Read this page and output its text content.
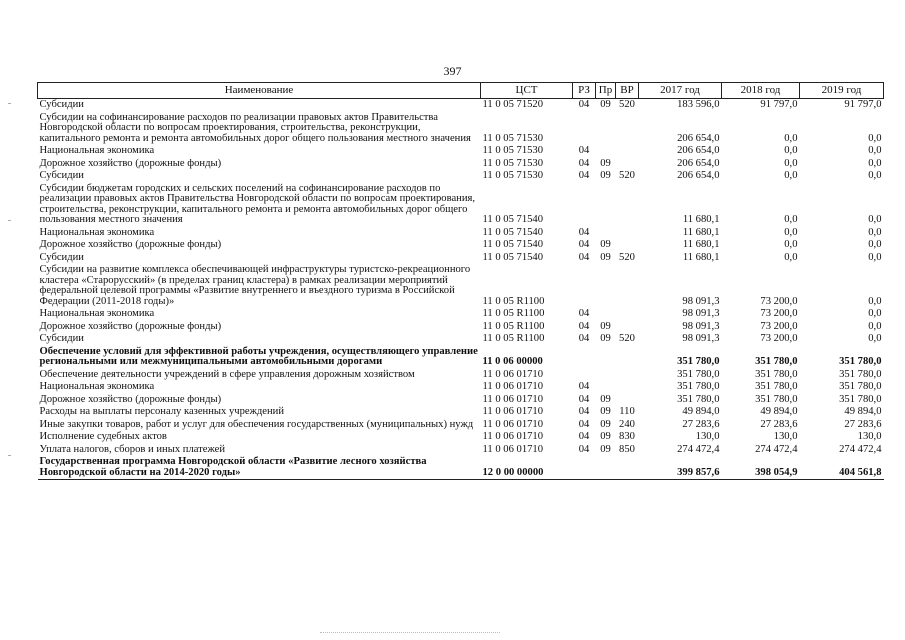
397
Наименование	ЦСТ	РЗ	Пр	ВР	2017 год	2018 год	2019 год
Субсидии	11 0 05 71520	04	09	520	183 596,0	91 797,0	91 797,0
Субсидии на софинансирование расходов по реализации правовых актов Правительства Новгородской области по вопросам проектирования, строительства, реконструкции, капитального ремонта и ремонта автомобильных дорог общего пользования местного значения	11 0 05 71530				206 654,0	0,0	0,0
Национальная экономика	11 0 05 71530	04			206 654,0	0,0	0,0
Дорожное хозяйство (дорожные фонды)	11 0 05 71530	04	09		206 654,0	0,0	0,0
Субсидии	11 0 05 71530	04	09	520	206 654,0	0,0	0,0
Субсидии бюджетам городских и сельских поселений на софинансирование расходов по реализации правовых актов Правительства Новгородской области по вопросам проектирования, строительства, реконструкции, капитального ремонта и ремонта автомобильных дорог общего пользования местного значения	11 0 05 71540				11 680,1	0,0	0,0
Национальная экономика	11 0 05 71540	04			11 680,1	0,0	0,0
Дорожное хозяйство (дорожные фонды)	11 0 05 71540	04	09		11 680,1	0,0	0,0
Субсидии	11 0 05 71540	04	09	520	11 680,1	0,0	0,0
Субсидии на развитие комплекса обеспечивающей инфраструктуры туристско-рекреационного кластера «Старорусский» (в пределах границ кластера) в рамках реализации мероприятий федеральной целевой программы «Развитие внутреннего и въездного туризма в Российской Федерации (2011-2018 годы)»	11 0 05 R1100				98 091,3	73 200,0	0,0
Национальная экономика	11 0 05 R1100	04			98 091,3	73 200,0	0,0
Дорожное хозяйство (дорожные фонды)	11 0 05 R1100	04	09		98 091,3	73 200,0	0,0
Субсидии	11 0 05 R1100	04	09	520	98 091,3	73 200,0	0,0
Обеспечение условий для эффективной работы учреждения, осуществляющего управление региональными или межмуниципальными автомобильными дорогами	11 0 06 00000				351 780,0	351 780,0	351 780,0
Обеспечение деятельности учреждений в сфере управления дорожным хозяйством	11 0 06 01710				351 780,0	351 780,0	351 780,0
Национальная экономика	11 0 06 01710	04			351 780,0	351 780,0	351 780,0
Дорожное хозяйство (дорожные фонды)	11 0 06 01710	04	09		351 780,0	351 780,0	351 780,0
Расходы на выплаты персоналу казенных учреждений	11 0 06 01710	04	09	110	49 894,0	49 894,0	49 894,0
Иные закупки товаров, работ и услуг для обеспечения государственных (муниципальных) нужд	11 0 06 01710	04	09	240	27 283,6	27 283,6	27 283,6
Исполнение судебных актов	11 0 06 01710	04	09	830	130,0	130,0	130,0
Уплата налогов, сборов и иных платежей	11 0 06 01710	04	09	850	274 472,4	274 472,4	274 472,4
Государственная программа Новгородской области «Развитие лесного хозяйства Новгородской области на 2014-2020 годы»	12 0 00 00000				399 857,6	398 054,9	404 561,8
